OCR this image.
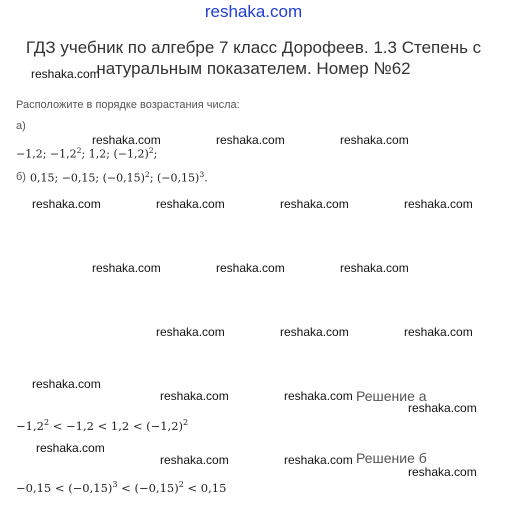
reshaka.com
ГДЗ учебник по алгебре 7 класс Дорофеев. 1.3 Степень с
натуральным показателем. Номер №62
Расположите в порядке возрастания числа:
а)
−1,2; $-1,2^2$; 1,2; $(-1,2)^2$;
б) 0,15; −0,15; $(-0,15)^2$; $(-0,15)^3$.
Решение а
$-1,2^2 < -1,2 < 1,2 < (-1,2)^2$
Решение б
$-0,15 < (-0,15)^3 < (-0,15)^2 < 0,15$
reshaka.com
reshaka.com	reshaka.com	reshaka.com
reshaka.com	reshaka.com	reshaka.com	reshaka.com
reshaka.com	reshaka.com	reshaka.com
reshaka.com	reshaka.com	reshaka.com
reshaka.com
reshaka.com	reshaka.com
reshaka.com
reshaka.com
reshaka.com	reshaka.com
reshaka.com
